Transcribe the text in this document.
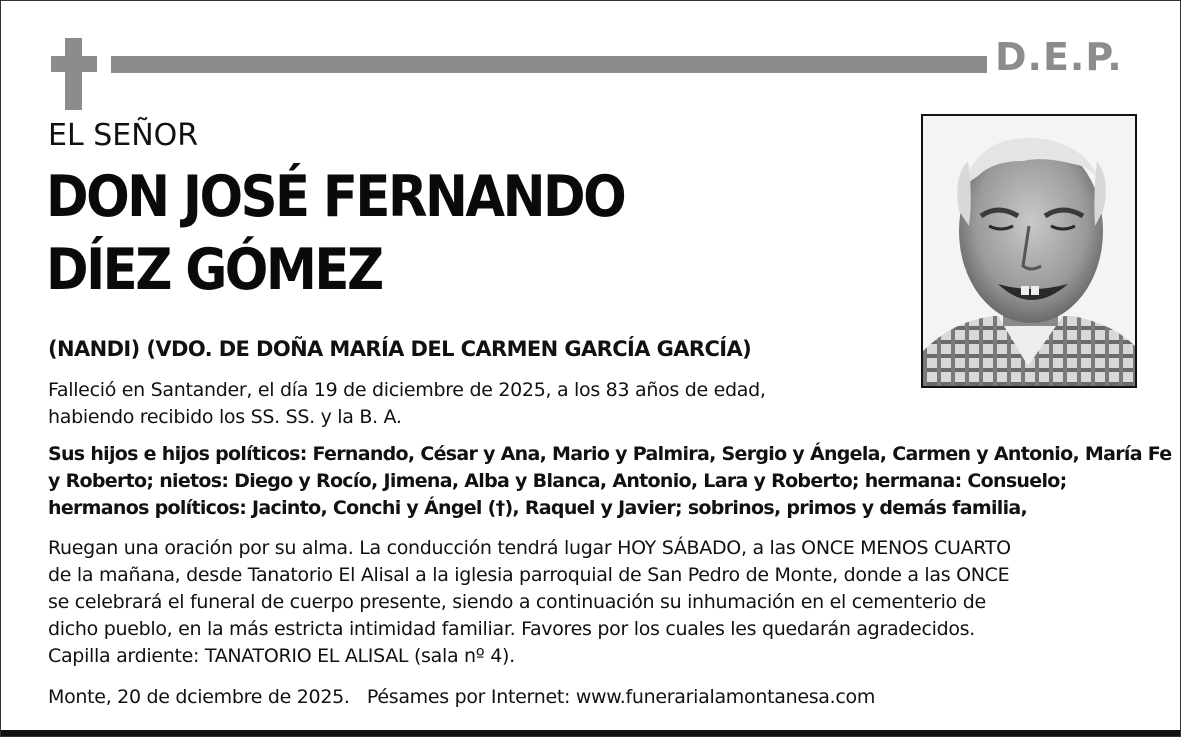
D.E.P.
EL SEÑOR
DON JOSÉ FERNANDO
DÍEZ GÓMEZ
(NANDI) (VDO. DE DOÑA MARÍA DEL CARMEN GARCÍA GARCÍA)
Falleció en Santander, el día 19 de diciembre de 2025, a los 83 años de edad,
habiendo recibido los SS. SS. y la B. A.
Sus hijos e hijos políticos: Fernando, César y Ana, Mario y Palmira, Sergio y Ángela, Carmen y Antonio, María Fe
y Roberto; nietos: Diego y Rocío, Jimena, Alba y Blanca, Antonio, Lara y Roberto; hermana: Consuelo;
hermanos políticos: Jacinto, Conchi y Ángel (†), Raquel y Javier; sobrinos, primos y demás familia,
Ruegan una oración por su alma. La conducción tendrá lugar HOY SÁBADO, a las ONCE MENOS CUARTO
de la mañana, desde Tanatorio El Alisal a la iglesia parroquial de San Pedro de Monte, donde a las ONCE
se celebrará el funeral de cuerpo presente, siendo a continuación su inhumación en el cementerio de
dicho pueblo, en la más estricta intimidad familiar. Favores por los cuales les quedarán agradecidos.
Capilla ardiente: TANATORIO EL ALISAL (sala nº 4).
Monte, 20 de dciembre de 2025.   Pésames por Internet: www.funerarialamontanesa.com
